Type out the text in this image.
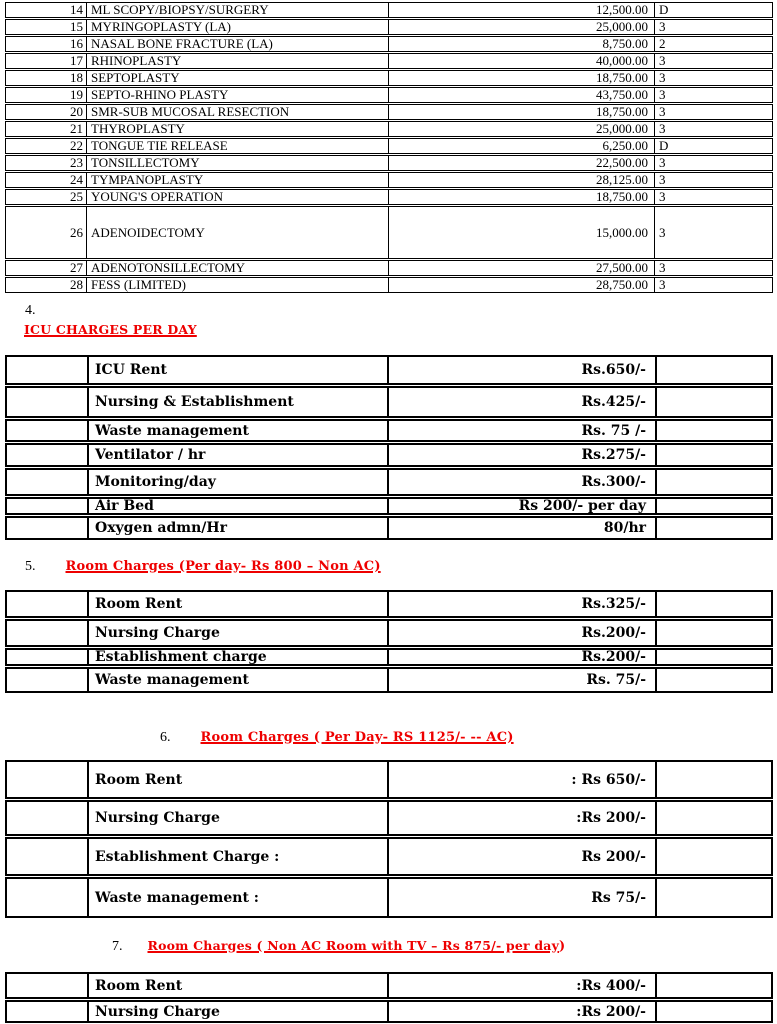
14 ML SCOPY/BIOPSY/SURGERY	12,500.00 D
15 MYRINGOPLASTY (LA)	25,000.00 3
16 NASAL BONE FRACTURE (LA)	8,750.00 2
17 RHINOPLASTY	40,000.00 3
18 SEPTOPLASTY	18,750.00 3
19 SEPTO-RHINO PLASTY	43,750.00 3
20 SMR-SUB MUCOSAL RESECTION	18,750.00 3
21 THYROPLASTY	25,000.00 3
22 TONGUE TIE RELEASE	6,250.00 D
23 TONSILLECTOMY	22,500.00 3
24 TYMPANOPLASTY	28,125.00 3
25 YOUNG'S OPERATION	18,750.00 3
26 ADENOIDECTOMY	15,000.00 3
27 ADENOTONSILLECTOMY	27,500.00 3
28 FESS (LIMITED)	28,750.00 3
4.
ICU CHARGES PER DAY
ICU Rent	Rs.650/-
Nursing & Establishment	Rs.425/-
Waste management	Rs. 75 /-
Ventilator / hr	Rs.275/-
Monitoring/day	Rs.300/-
Air Bed	Rs 200/- per day
Oxygen admn/Hr	80/hr
5. Room Charges (Per day- Rs 800 – Non AC)
Room Rent	Rs.325/-
Nursing Charge	Rs.200/-
Establishment charge	Rs.200/-
Waste management	Rs. 75/-
6. Room Charges ( Per Day- RS 1125/- -- AC)
Room Rent	: Rs 650/-
Nursing Charge	:Rs 200/-
Establishment Charge :	Rs 200/-
Waste management :	Rs 75/-
7. Room Charges ( Non AC Room with TV – Rs 875/- per day )
Room Rent	:Rs 400/-
Nursing Charge	:Rs 200/-
